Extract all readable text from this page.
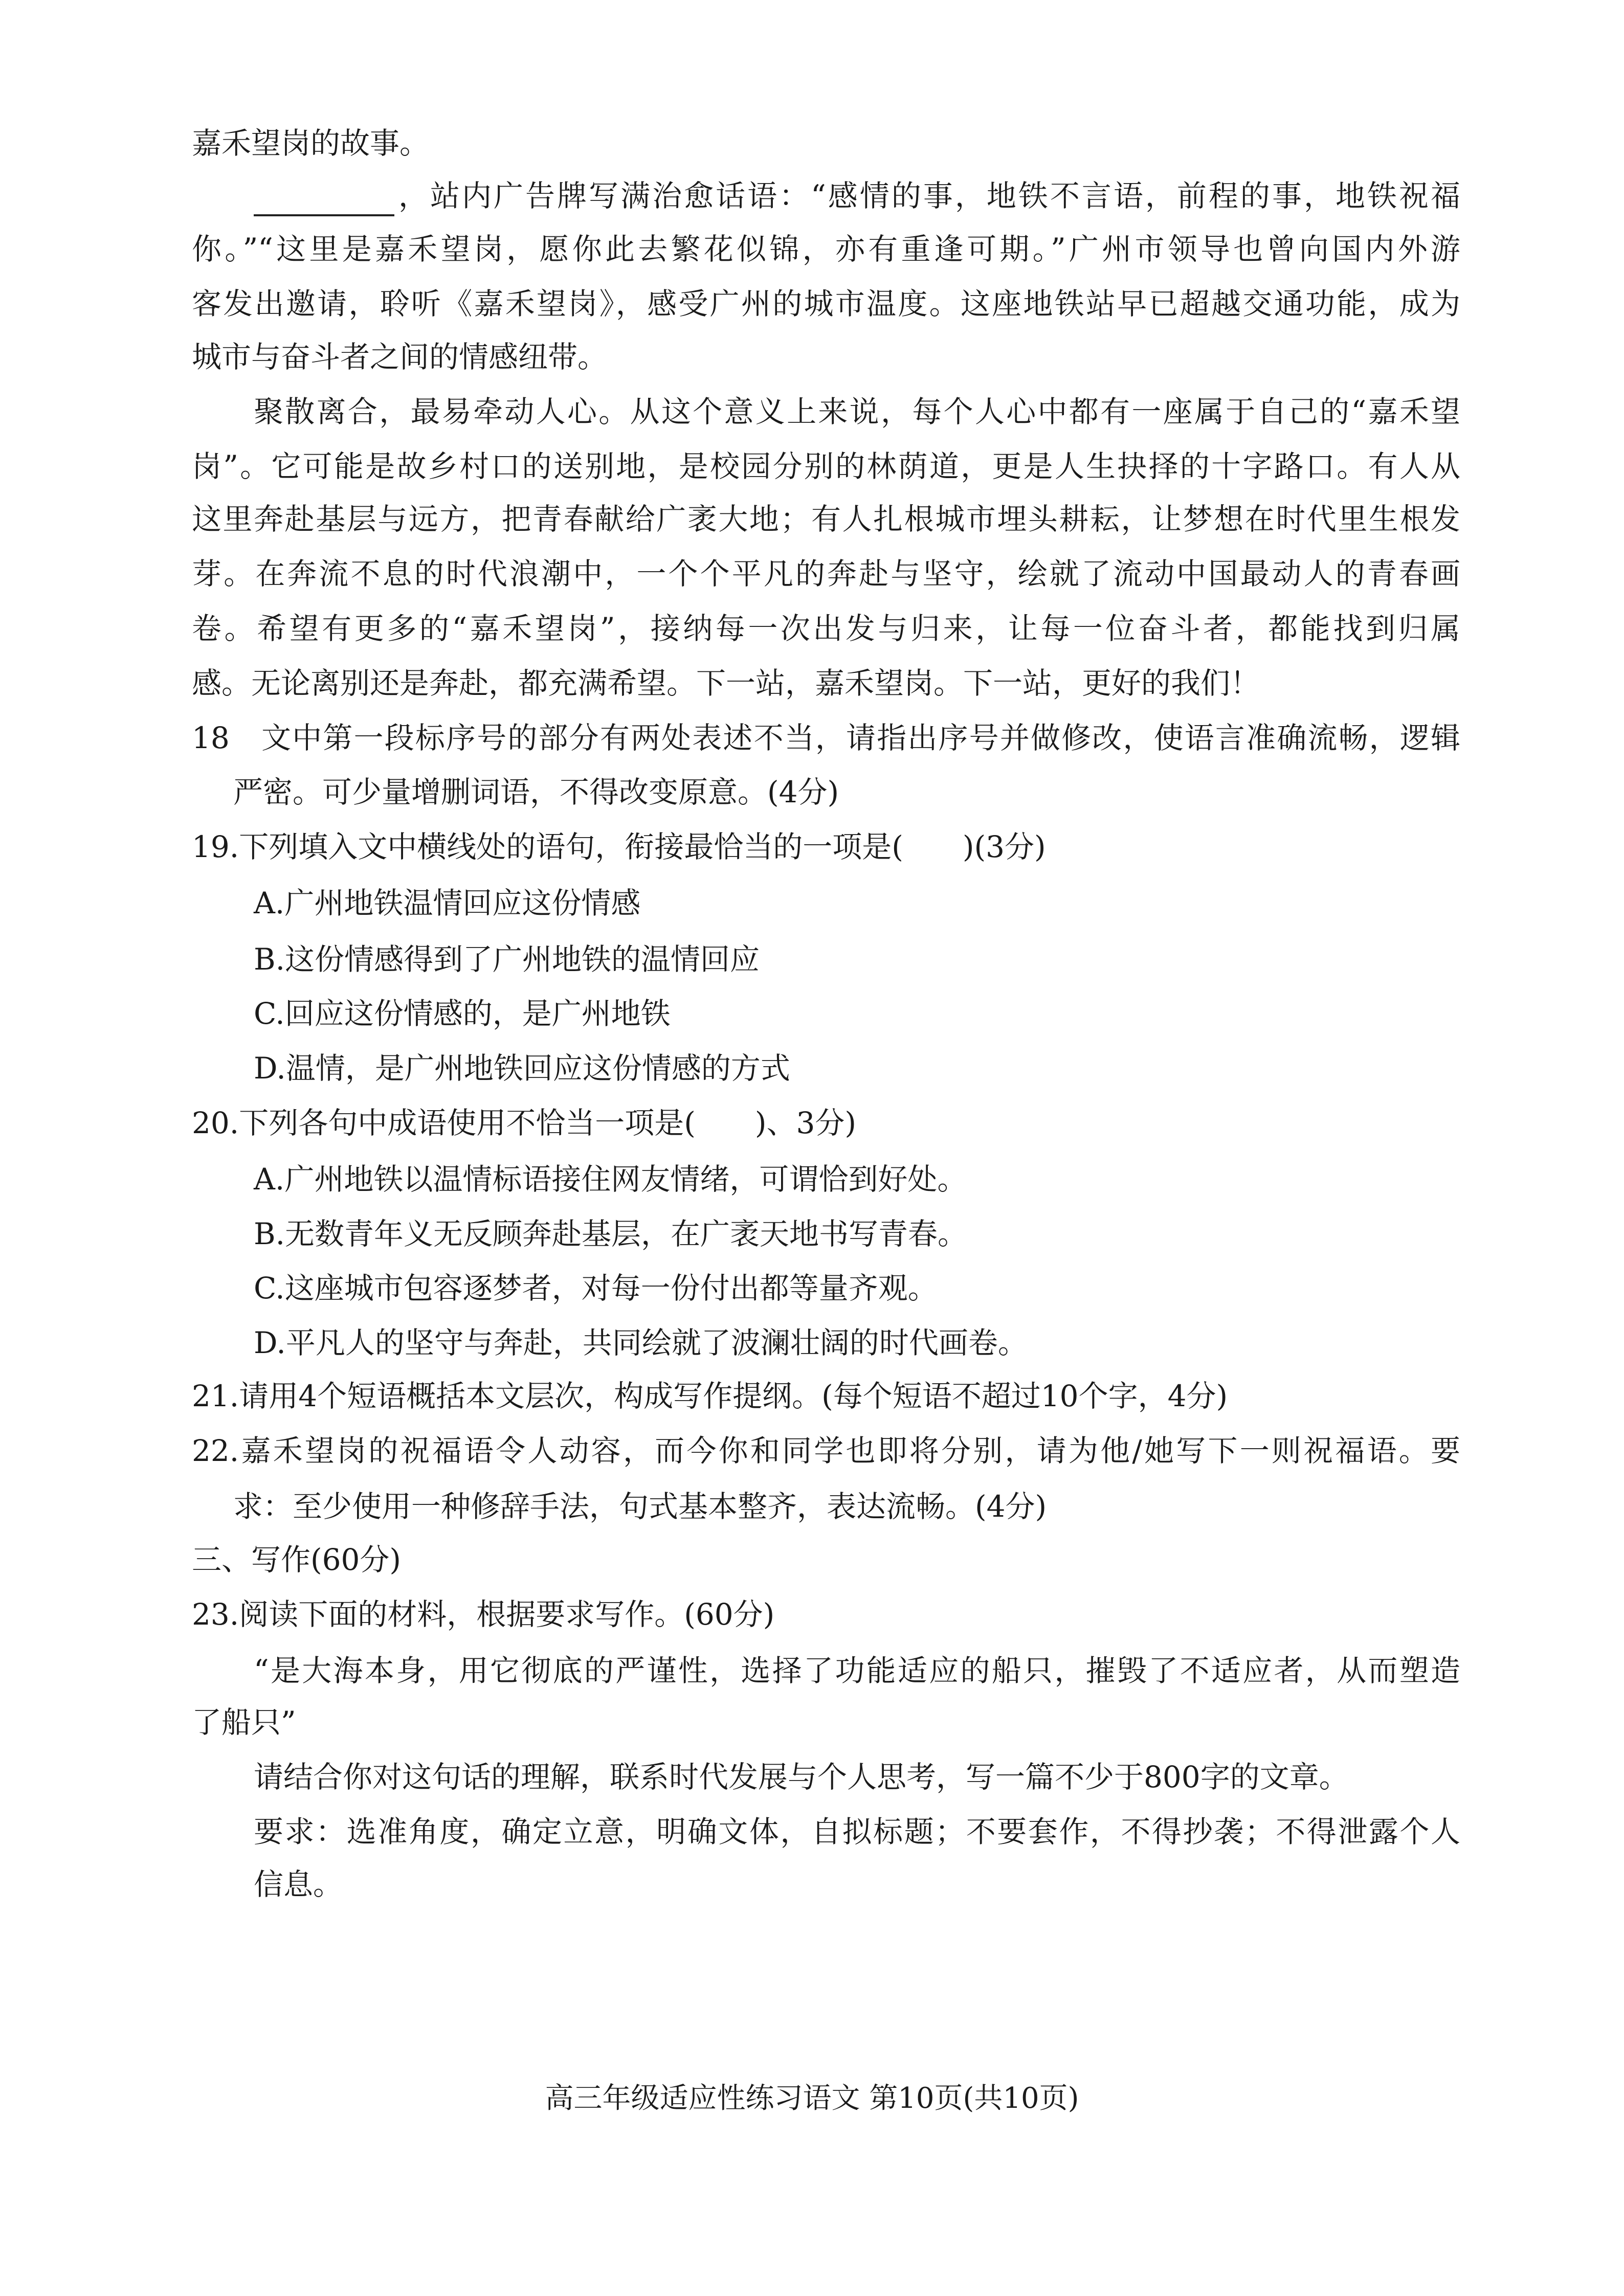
嘉禾望岗的故事。
，站内广告牌写满治愈话语：“感情的事，地铁不言语，前程的事，地铁祝福
你。”“这里是嘉禾望岗，愿你此去繁花似锦，亦有重逢可期。”广州市领导也曾向国内外游
客发出邀请，聆听《嘉禾望岗》，感受广州的城市温度。这座地铁站早已超越交通功能，成为
城市与奋斗者之间的情感纽带。
聚散离合，最易牵动人心。从这个意义上来说，每个人心中都有一座属于自己的“嘉禾望
岗”。它可能是故乡村口的送别地，是校园分别的林荫道，更是人生抉择的十字路口。有人从
这里奔赴基层与远方，把青春献给广袤大地；有人扎根城市埋头耕耘，让梦想在时代里生根发
芽。在奔流不息的时代浪潮中，一个个平凡的奔赴与坚守，绘就了流动中国最动人的青春画
卷。希望有更多的“嘉禾望岗”，接纳每一次出发与归来，让每一位奋斗者，都能找到归属
感。无论离别还是奔赴，都充满希望。下一站，嘉禾望岗。下一站，更好的我们！
18　文中第一段标序号的部分有两处表述不当，请指出序号并做修改，使语言准确流畅，逻辑
严密。可少量增删词语，不得改变原意。(4分)
19.下列填入文中横线处的语句，衔接最恰当的一项是(　　)(3分)
A.广州地铁温情回应这份情感
B.这份情感得到了广州地铁的温情回应
C.回应这份情感的，是广州地铁
D.温情，是广州地铁回应这份情感的方式
20.下列各句中成语使用不恰当一项是(　　)、3分)
A.广州地铁以温情标语接住网友情绪，可谓恰到好处。
B.无数青年义无反顾奔赴基层，在广袤天地书写青春。
C.这座城市包容逐梦者，对每一份付出都等量齐观。
D.平凡人的坚守与奔赴，共同绘就了波澜壮阔的时代画卷。
21.请用4个短语概括本文层次，构成写作提纲。(每个短语不超过10个字，4分)
22.嘉禾望岗的祝福语令人动容，而今你和同学也即将分别，请为他/她写下一则祝福语。要
求：至少使用一种修辞手法，句式基本整齐，表达流畅。(4分)
三、写作(60分)
23.阅读下面的材料，根据要求写作。(60分)
“是大海本身，用它彻底的严谨性，选择了功能适应的船只，摧毁了不适应者，从而塑造
了船只”
请结合你对这句话的理解，联系时代发展与个人思考，写一篇不少于800字的文章。
要求：选准角度，确定立意，明确文体，自拟标题；不要套作，不得抄袭；不得泄露个人
信息。
高三年级适应性练习语文 第10页(共10页)
